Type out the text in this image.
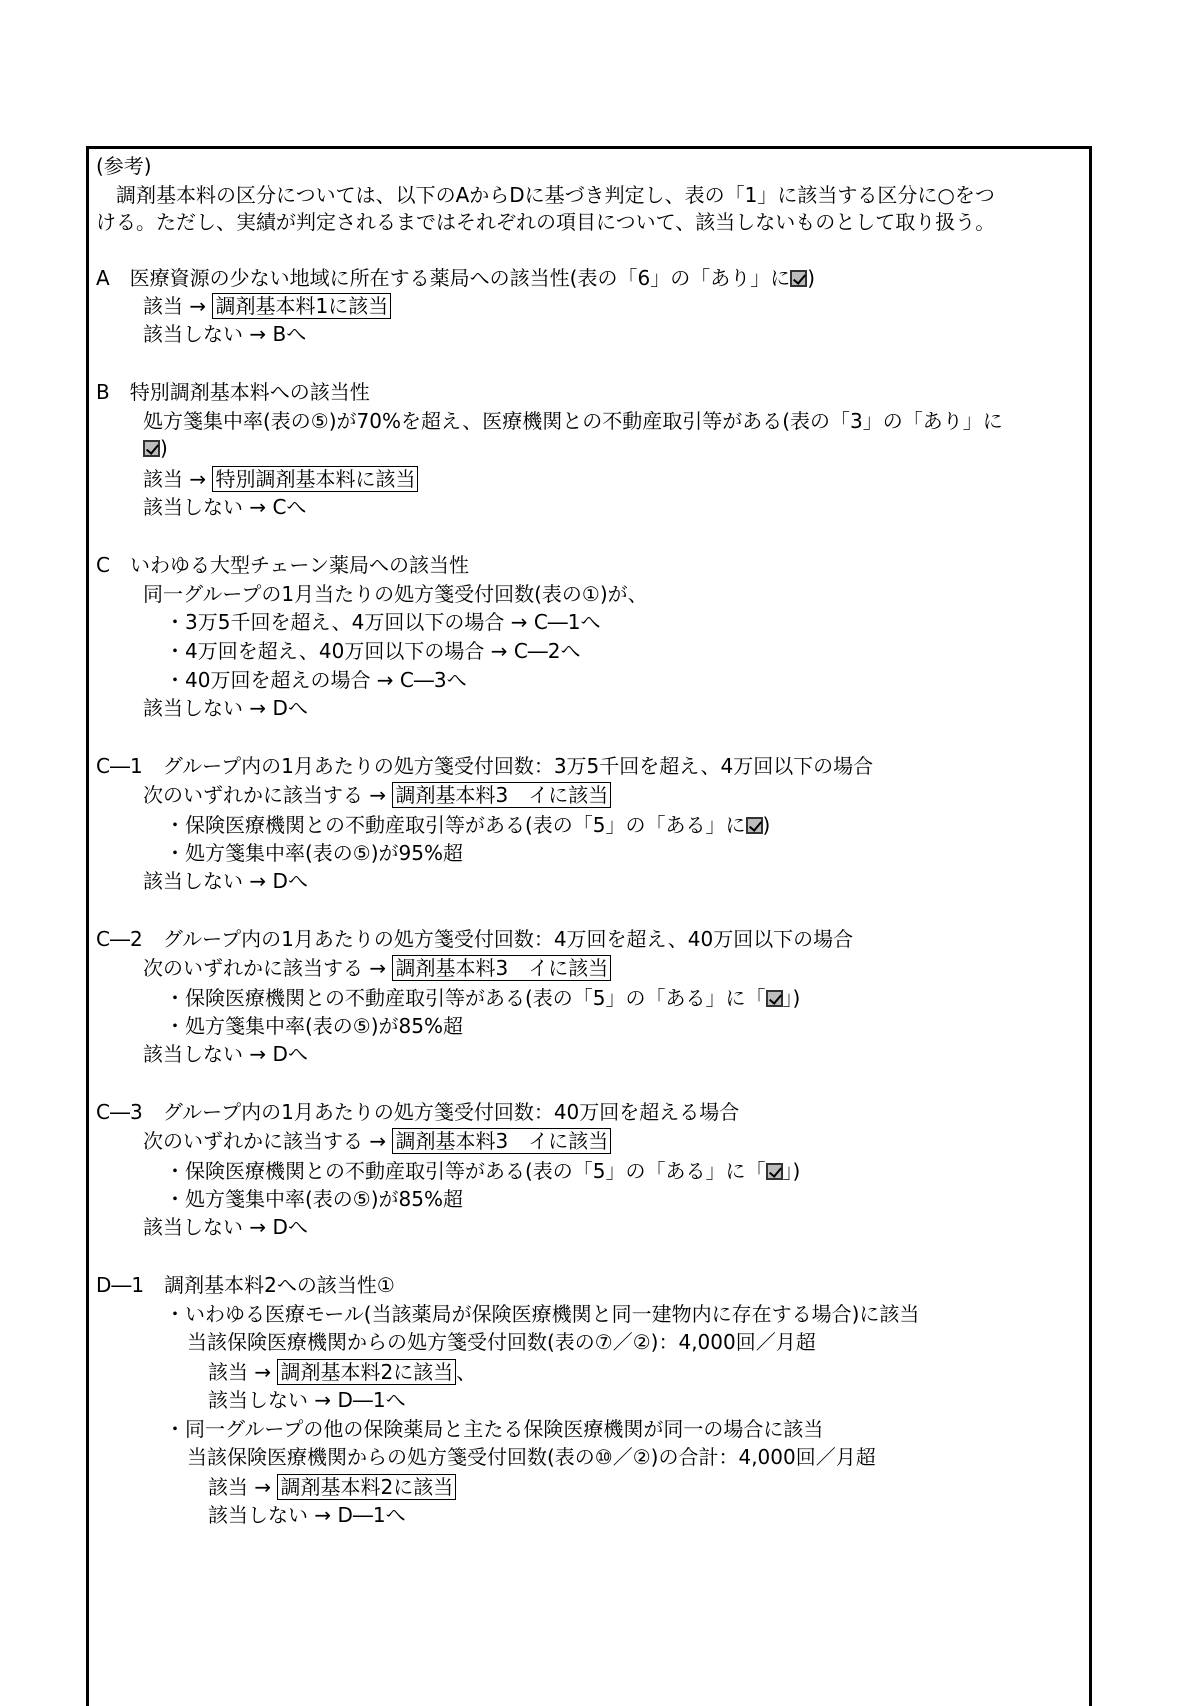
(参考)
　調剤基本料の区分については、以下のAからDに基づき判定し、表の「1」に該当する区分に○をつ
ける。ただし、実績が判定されるまではそれぞれの項目について、該当しないものとして取り扱う。
A　医療資源の少ない地域に所在する薬局への該当性(表の「6」の「あり」に )
該当 → 調剤基本料1に該当
該当しない → Bへ
B　特別調剤基本料への該当性
処方箋集中率(表の⑤)が70%を超え、医療機関との不動産取引等がある(表の「3」の「あり」に
)
該当 → 特別調剤基本料に該当
該当しない → Cへ
C　いわゆる大型チェーン薬局への該当性
同一グループの1月当たりの処方箋受付回数(表の①)が、
・3万5千回を超え、4万回以下の場合 → C―1へ
・4万回を超え、40万回以下の場合 → C―2へ
・40万回を超えの場合 → C―3へ
該当しない → Dへ
C―1　グループ内の1月あたりの処方箋受付回数：3万5千回を超え、4万回以下の場合
次のいずれかに該当する → 調剤基本料3　イに該当
・保険医療機関との不動産取引等がある(表の「5」の「ある」に )
・処方箋集中率(表の⑤)が95%超
該当しない → Dへ
C―2　グループ内の1月あたりの処方箋受付回数：4万回を超え、40万回以下の場合
次のいずれかに該当する → 調剤基本料3　イに該当
・保険医療機関との不動産取引等がある(表の「5」の「ある」に「 」)
・処方箋集中率(表の⑤)が85%超
該当しない → Dへ
C―3　グループ内の1月あたりの処方箋受付回数：40万回を超える場合
次のいずれかに該当する → 調剤基本料3　イに該当
・保険医療機関との不動産取引等がある(表の「5」の「ある」に「 」)
・処方箋集中率(表の⑤)が85%超
該当しない → Dへ
D―1　調剤基本料2への該当性①
・いわゆる医療モール(当該薬局が保険医療機関と同一建物内に存在する場合)に該当
当該保険医療機関からの処方箋受付回数(表の⑦／②)：4,000回／月超
該当 → 調剤基本料2に該当 、
該当しない → D―1へ
・同一グループの他の保険薬局と主たる保険医療機関が同一の場合に該当
当該保険医療機関からの処方箋受付回数(表の⑩／②)の合計：4,000回／月超
該当 → 調剤基本料2に該当
該当しない → D―1へ
